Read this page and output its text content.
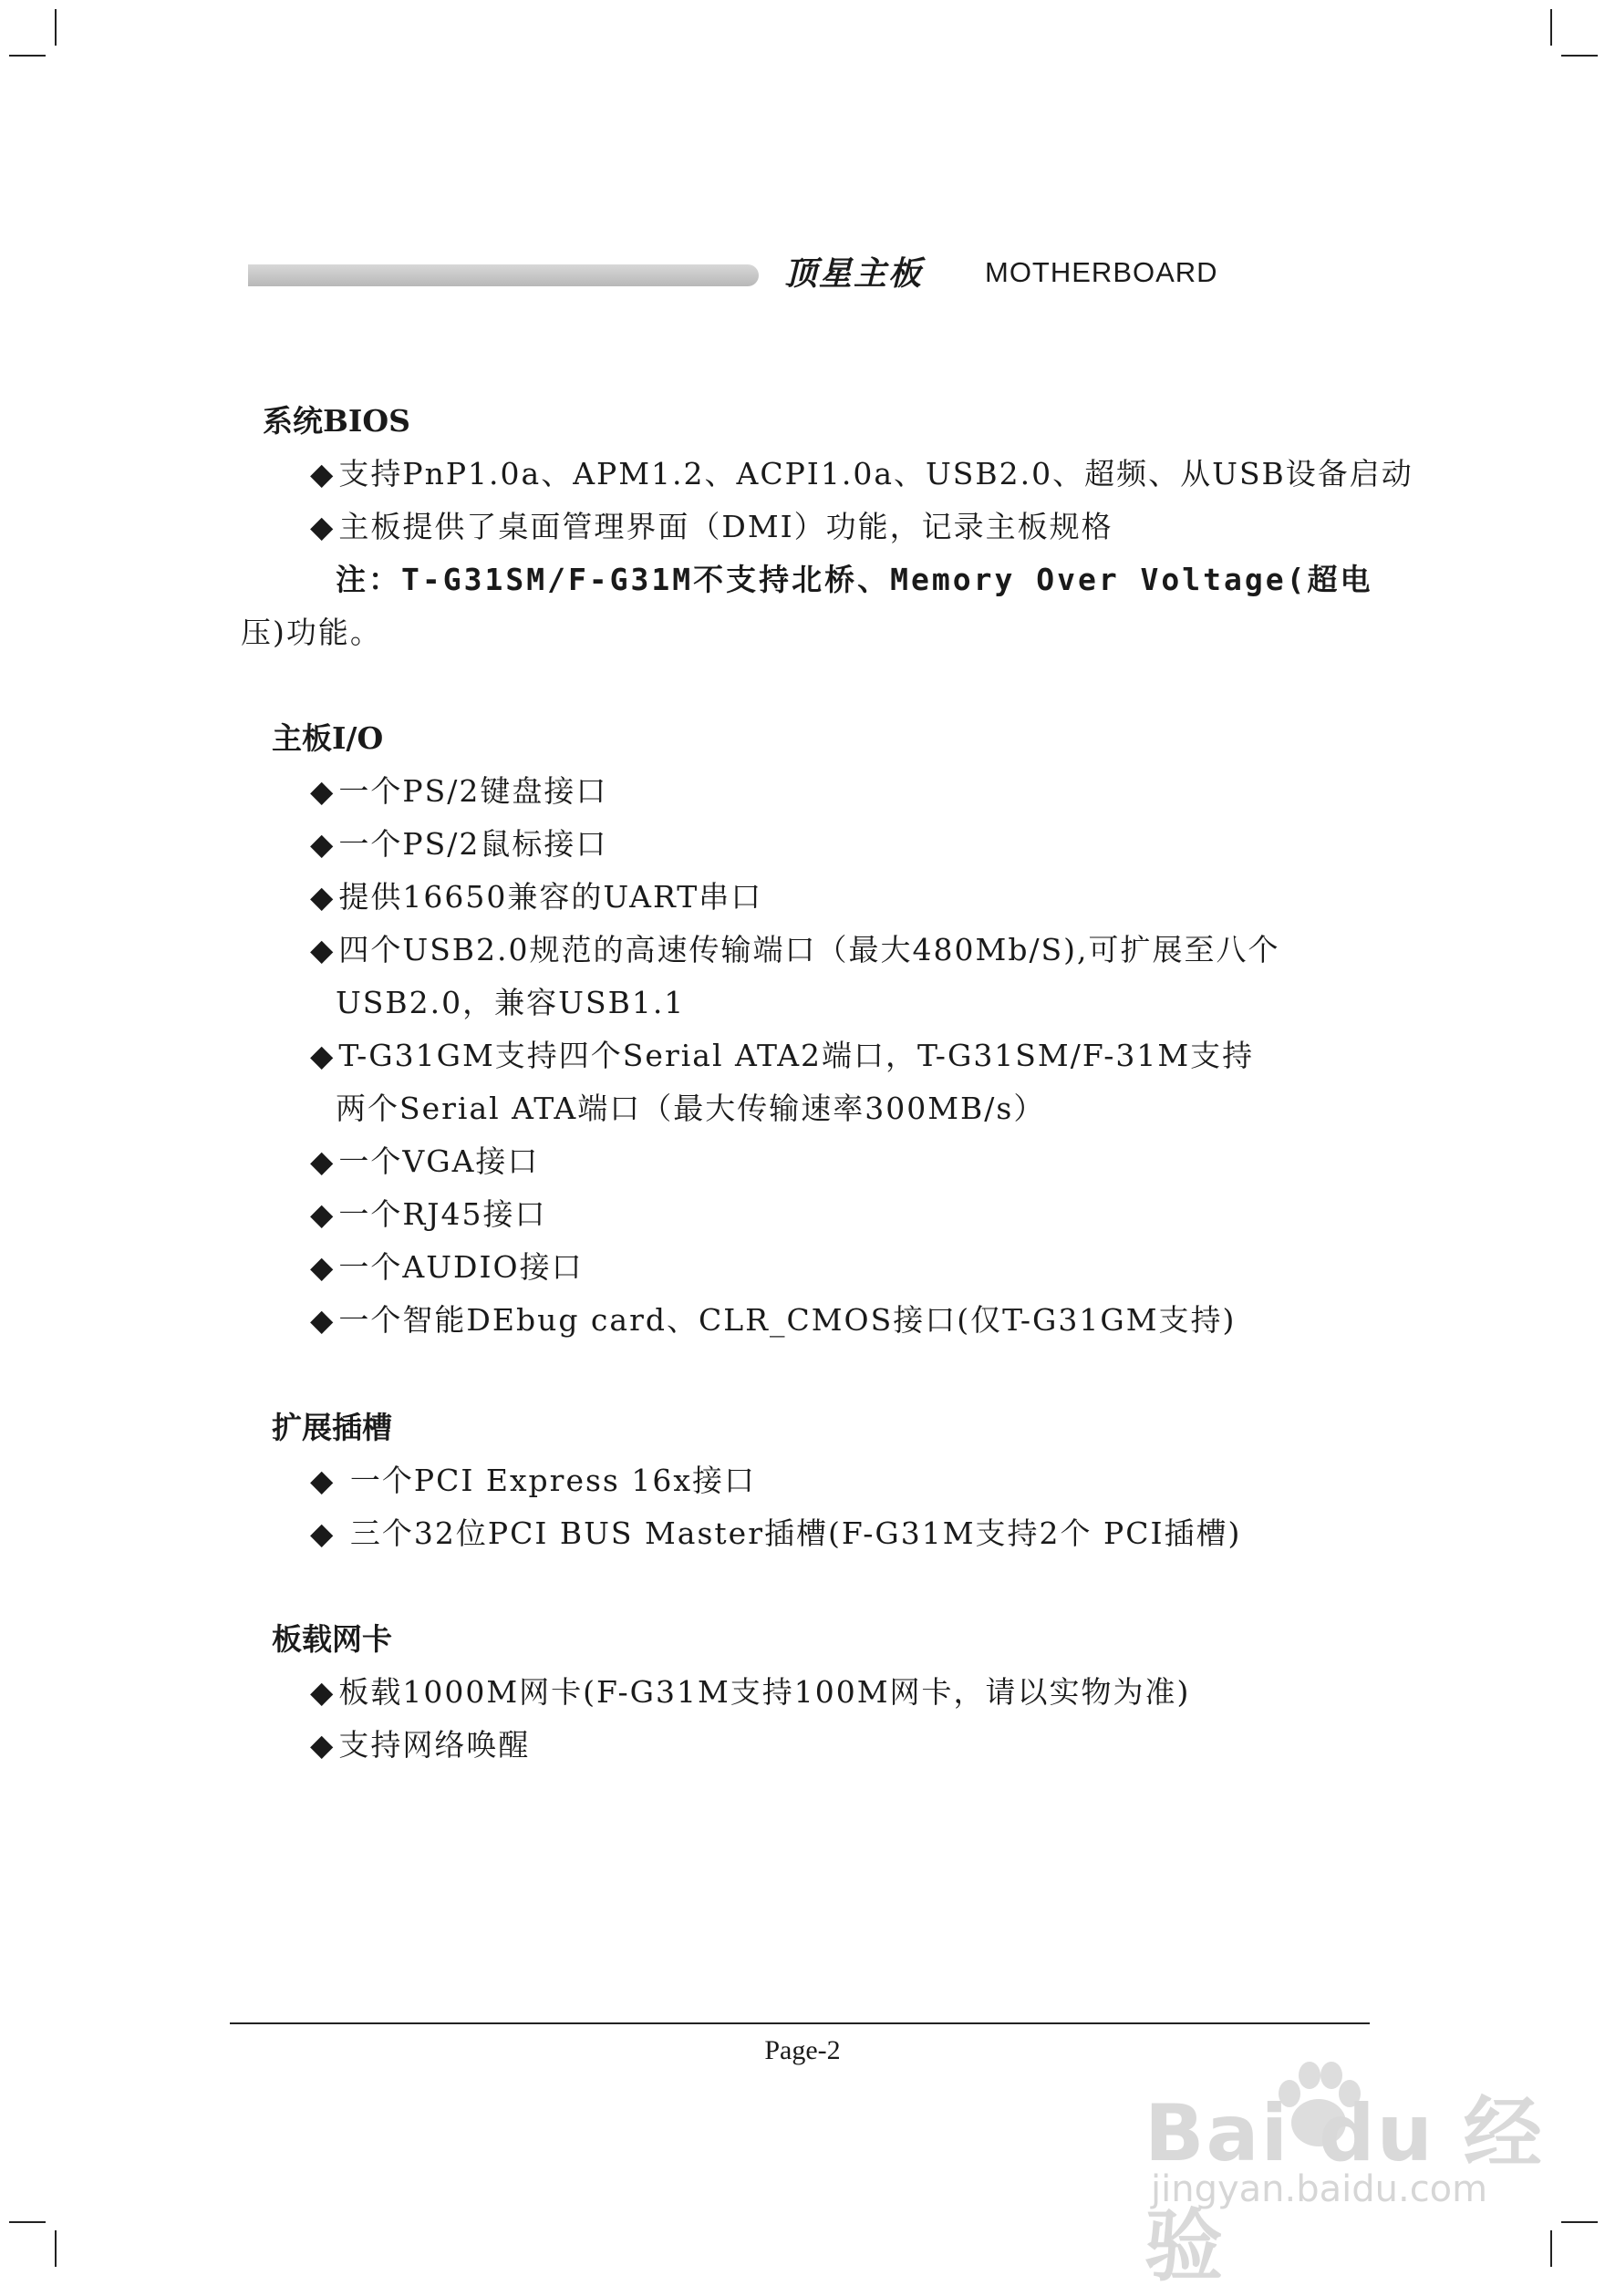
顶星主板 MOTHERBOARD
系统BIOS
◆ 支持PnP1.0a、APM1.2、ACPI1.0a、USB2.0、超频、从USB设备启动
◆ 主板提供了桌面管理界面（DMI）功能，记录主板规格
注：T-G31SM/F-G31M不支持北桥、Memory Over Voltage(超电
压)功能。
主板I/O
◆ 一个PS/2键盘接口
◆ 一个PS/2鼠标接口
◆ 提供16650兼容的UART串口
◆ 四个USB2.0规范的高速传输端口（最大480Mb/S),可扩展至八个
USB2.0，兼容USB1.1
◆ T-G31GM支持四个Serial ATA2端口，T-G31SM/F-31M支持
两个Serial ATA端口（最大传输速率300MB/s）
◆ 一个VGA接口
◆ 一个RJ45接口
◆ 一个AUDIO接口
◆ 一个智能DEbug card、CLR_CMOS接口(仅T-G31GM支持)
扩展插槽
◆  一个PCI Express 16x接口
◆  三个32位PCI BUS Master插槽(F-G31M支持2个 PCI插槽)
板载网卡
◆ 板载1000M网卡(F-G31M支持100M网卡，请以实物为准)
◆ 支持网络唤醒
Page-2
Bai du 经验
jingyan.baidu.com
